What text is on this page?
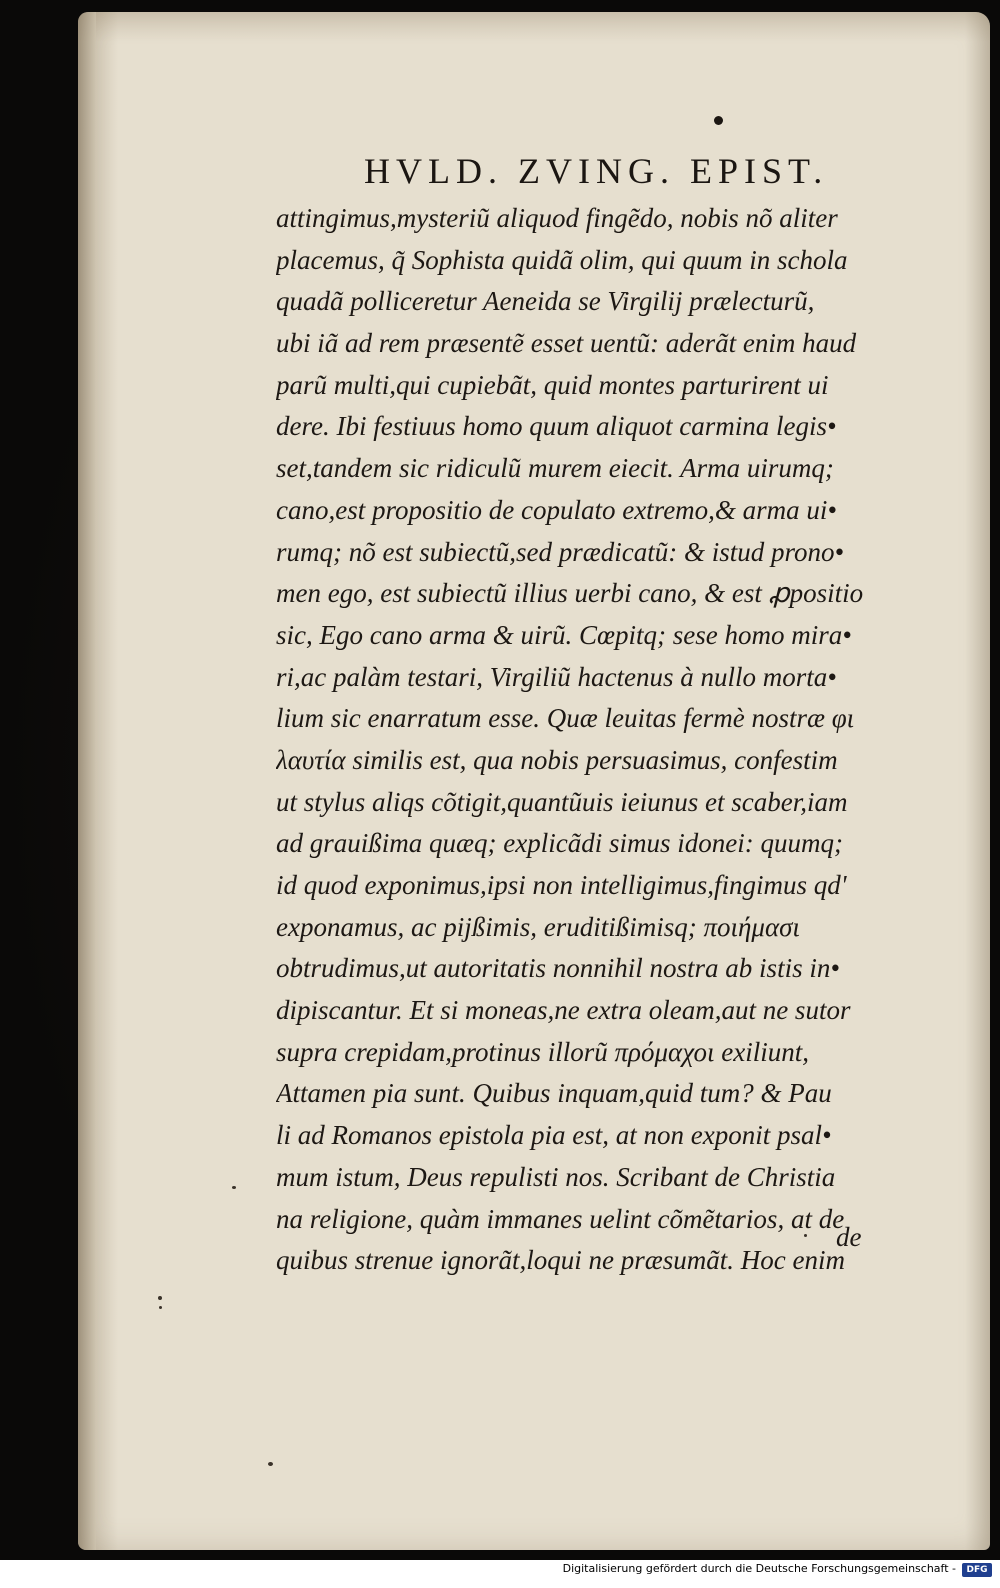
HVLD. ZVING. EPIST.
attingimus,mysteriũ aliquod fingẽdo, nobis nõ aliter
placemus, q̃ Sophista quidã olim, qui quum in schola
quadã polliceretur Aeneida se Virgilij prælecturũ,
ubi iã ad rem præsentẽ esset uentũ: aderãt enim haud
parũ multi,qui cupiebãt, quid montes parturirent ui
dere. Ibi festiuus homo quum aliquot carmina legis•
set,tandem sic ridiculũ murem eiecit. Arma uirumq;
cano,est propositio de copulato extremo,& arma ui•
rumq; nõ est subiectũ,sed prædicatũ: & istud prono•
men ego, est subiectũ illius uerbi cano, & est ꝓpositio
sic, Ego cano arma & uirũ. Cœpitq; sese homo mira•
ri,ac palàm testari, Virgiliũ hactenus à nullo morta•
lium sic enarratum esse. Quæ leuitas fermè nostræ φι
λαυτία similis est, qua nobis persuasimus, confestim
ut stylus aliqs cõtigit,quantũuis ieiunus et scaber,iam
ad grauißima quæq; explicãdi simus idonei: quumq;
id quod exponimus,ipsi non intelligimus,fingimus qd'
exponamus, ac pijßimis, eruditißimisq; ποιήμασι
obtrudimus,ut autoritatis nonnihil nostra ab istis in•
dipiscantur. Et si moneas,ne extra oleam,aut ne sutor
supra crepidam,protinus illorũ πρόμαχοι exiliunt,
Attamen pia sunt. Quibus inquam,quid tum? & Pau
li ad Romanos epistola pia est, at non exponit psal•
mum istum, Deus repulisti nos. Scribant de Christia
na religione, quàm immanes uelint cõmẽtarios, at de
quibus strenue ignorãt,loqui ne præsumãt. Hoc enim
de
Digitalisierung gefördert durch die Deutsche Forschungsgemeinschaft -	DFG
